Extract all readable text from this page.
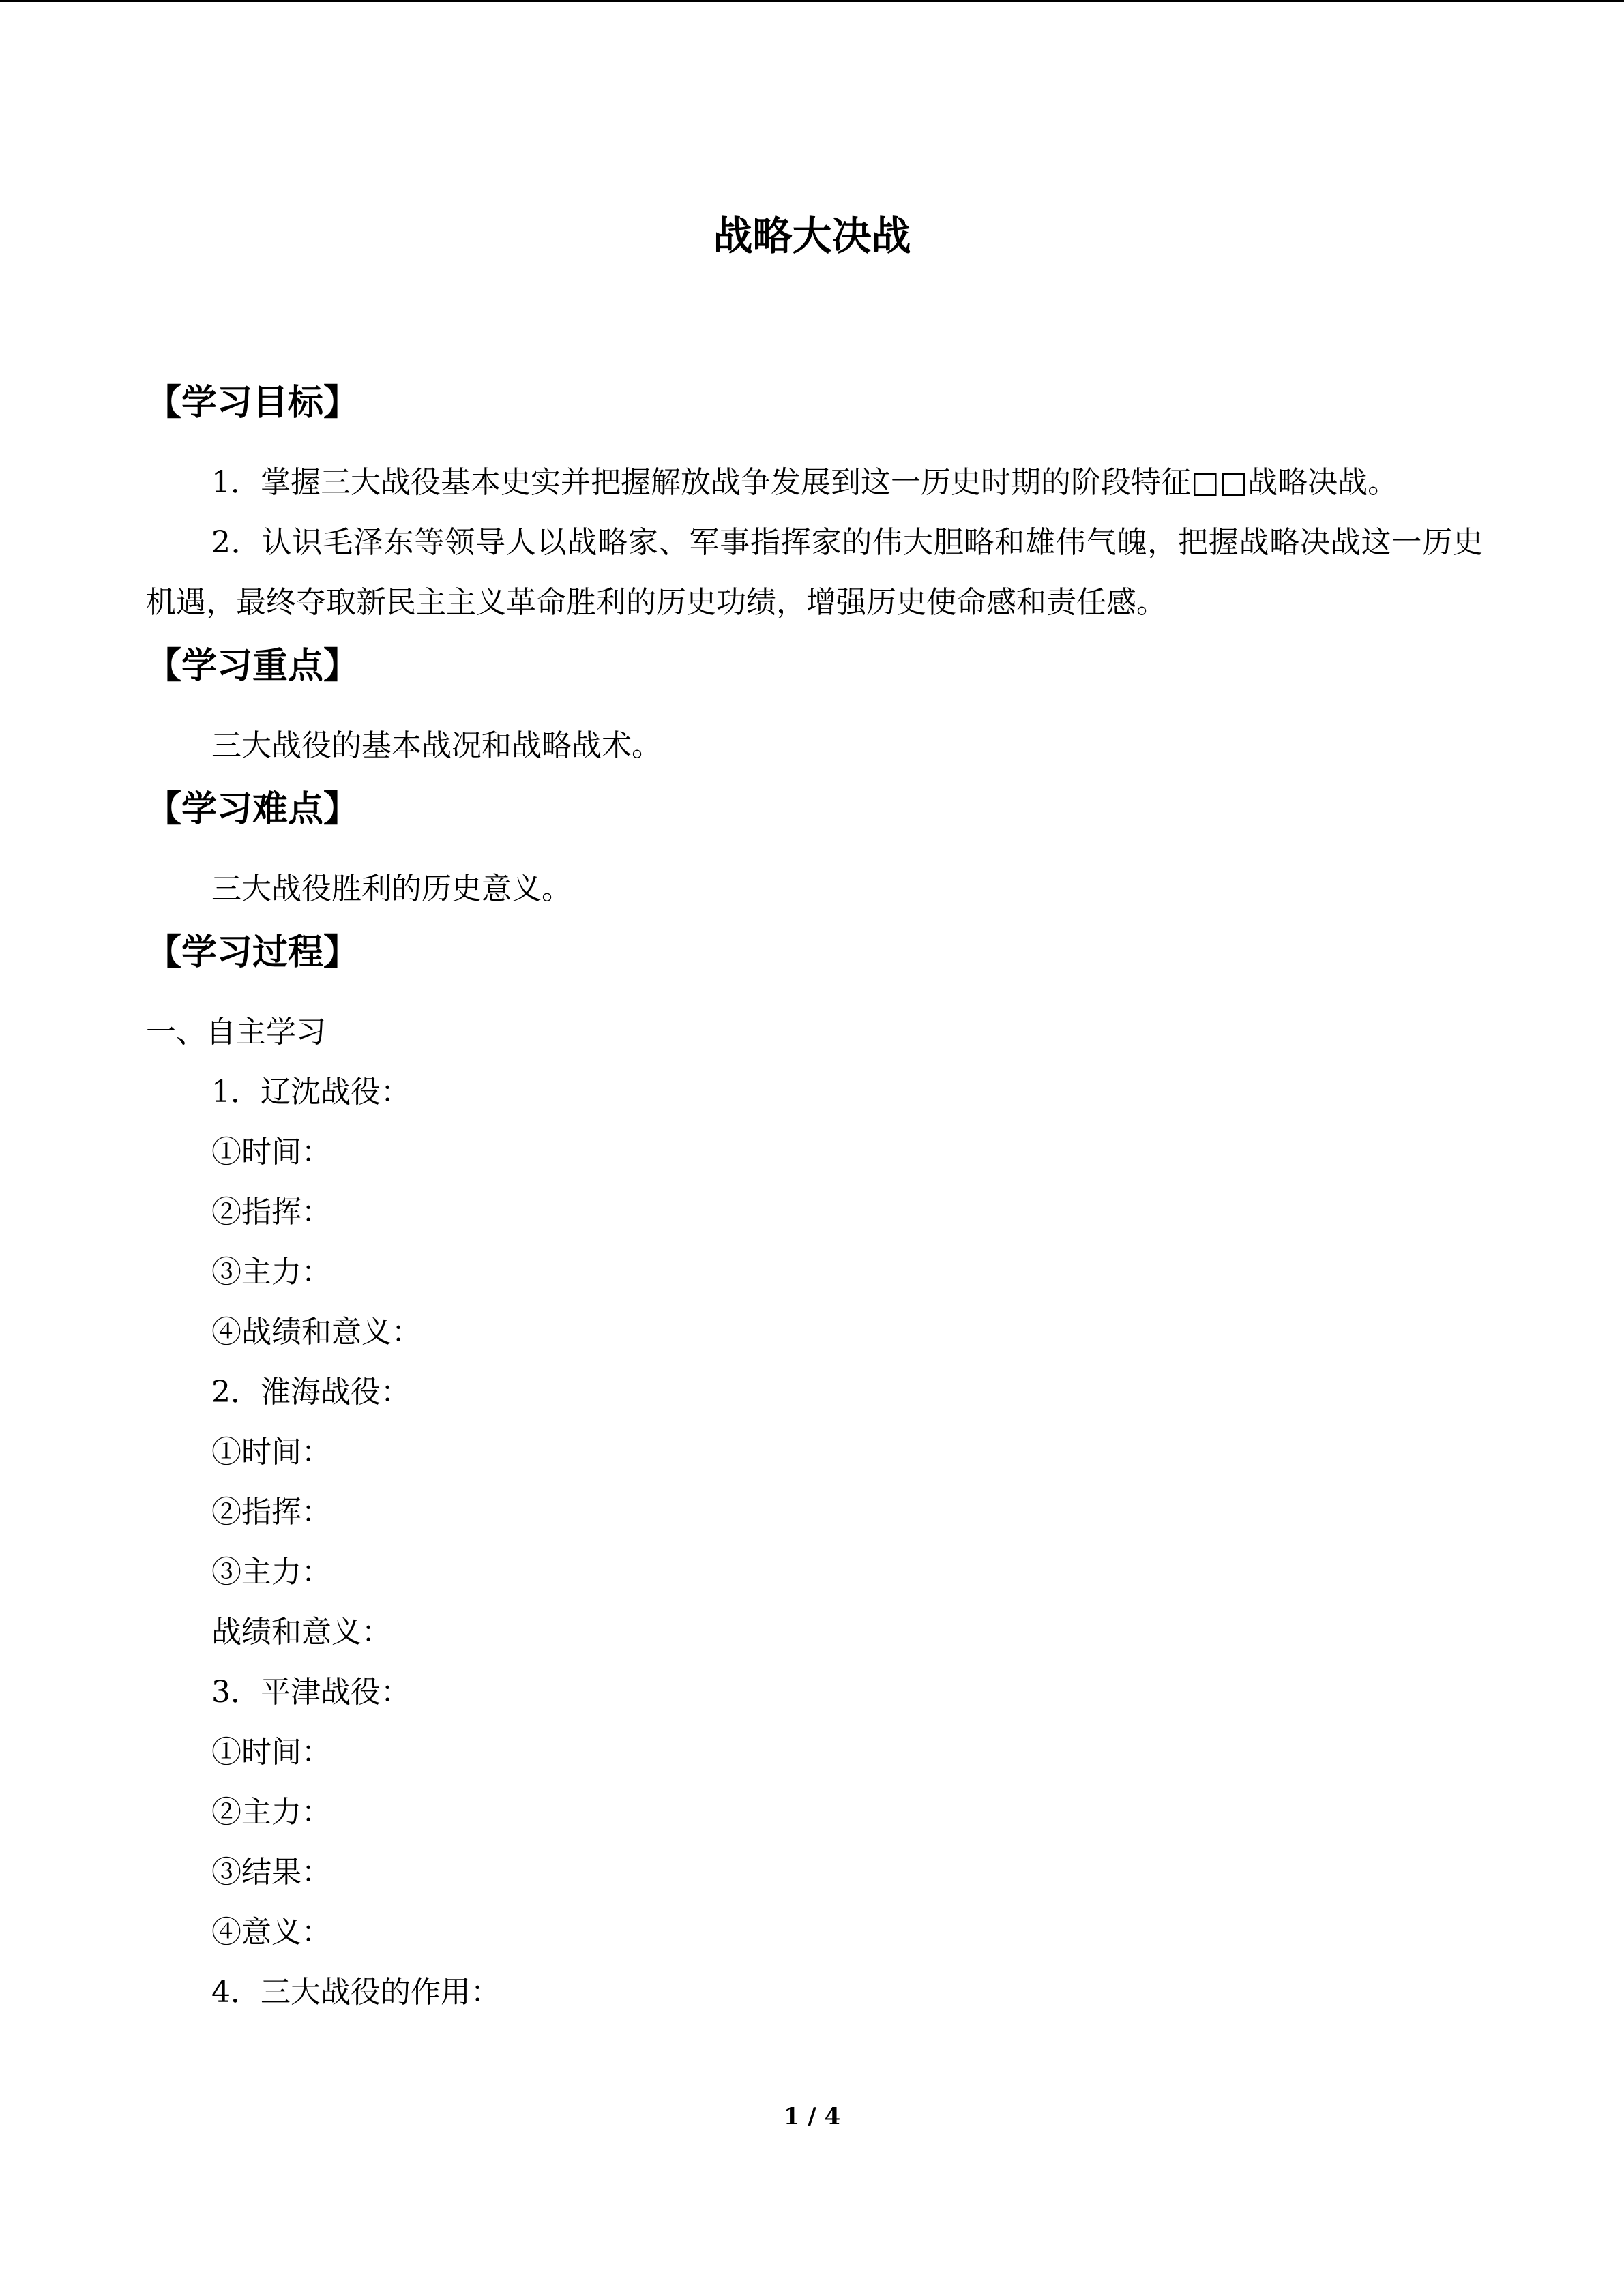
战略大决战
【学习目标】
1．掌握三大战役基本史实并把握解放战争发展到这一历史时期的阶段特征□□战略决战。
2．认识毛泽东等领导人以战略家、军事指挥家的伟大胆略和雄伟气魄，把握战略决战这一历史机遇，最终夺取新民主主义革命胜利的历史功绩，增强历史使命感和责任感。
【学习重点】
三大战役的基本战况和战略战术。
【学习难点】
三大战役胜利的历史意义。
【学习过程】
一、自主学习
1．辽沈战役：
①时间：
②指挥：
③主力：
④战绩和意义：
2．淮海战役：
①时间：
②指挥：
③主力：
战绩和意义：
3．平津战役：
①时间：
②主力：
③结果：
④意义：
4．三大战役的作用：
1 / 4
